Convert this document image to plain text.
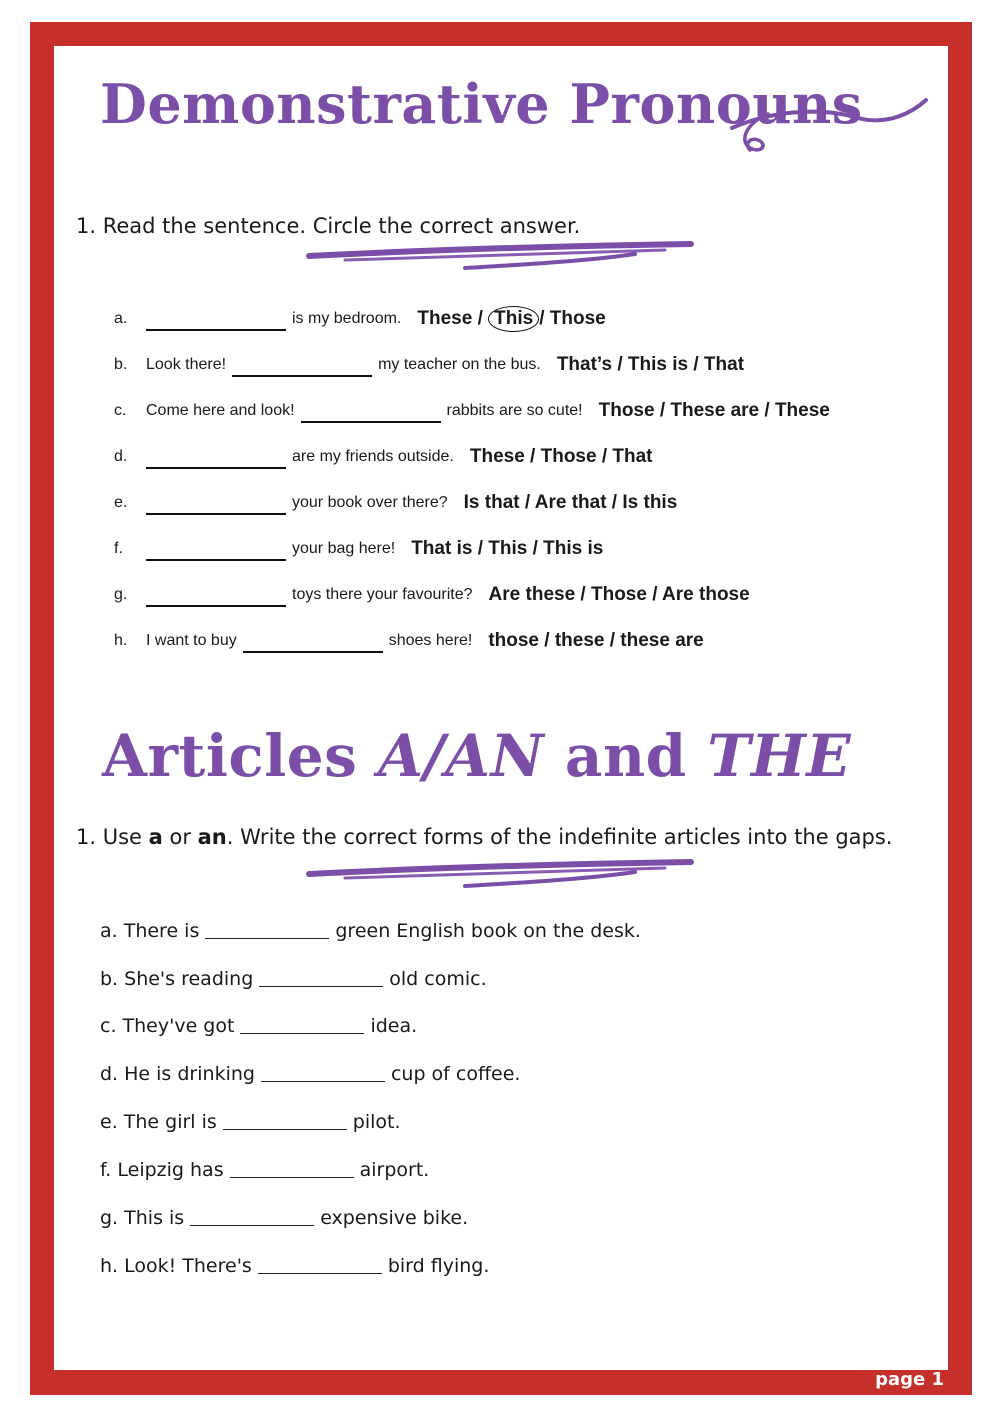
Demonstrative Pronouns
1. Read the sentence. Circle the correct answer.
a.	is my bedroom. These / This / Those
b.	Look there!	my teacher on the bus. That’s / This is / That
c.	Come here and look!	rabbits are so cute! Those / These are / These
d.	are my friends outside. These / Those / That
e.	your book over there? Is that / Are that / Is this
f.	your bag here! That is / This / This is
g.	toys there your favourite? Are these / Those / Are those
h.	I want to buy	shoes here! those / these / these are
Articles A/AN and THE
1. Use a or an. Write the correct forms of the indefinite articles into the gaps.
a. There is	green English book on the desk.
b. She's reading	old comic.
c. They've got	idea.
d. He is drinking	cup of coffee.
e. The girl is	pilot.
f. Leipzig has	airport.
g. This is	expensive bike.
h. Look! There's	bird flying.
page 1
